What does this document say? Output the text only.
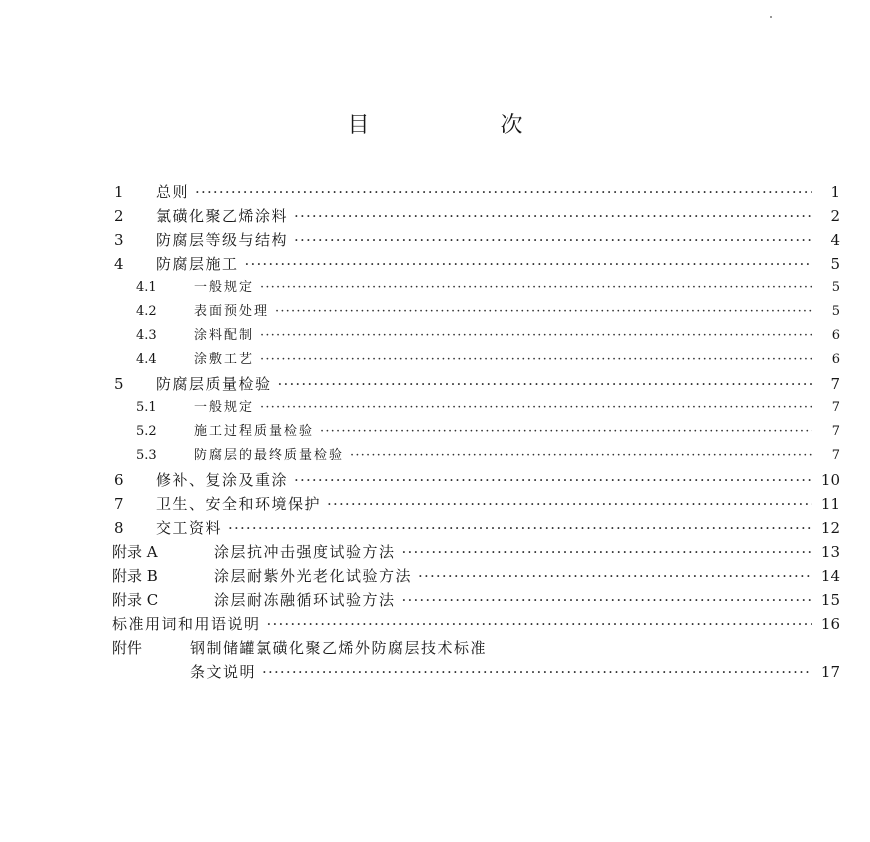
目 次
1	总则 ·····	1
2	氯磺化聚乙烯涂料 ·····	2
3	防腐层等级与结构 ·····	4
4	防腐层施工 ·····	5
4.1	一般规定 ·····	5
4.2	表面预处理 ·····	5
4.3	涂料配制 ·····	6
4.4	涂敷工艺 ·····	6
5	防腐层质量检验 ·····	7
5.1	一般规定 ·····	7
5.2	施工过程质量检验 ·····	7
5.3	防腐层的最终质量检验 ·····	7
6	修补、复涂及重涂 ·····	10
7	卫生、安全和环境保护 ·····	11
8	交工资料 ·····	12
附录 A	涂层抗冲击强度试验方法 ·····	13
附录 B	涂层耐紫外光老化试验方法 ·····	14
附录 C	涂层耐冻融循环试验方法 ·····	15
标准用词和用语说明 ·····	16
附件	钢制储罐氯磺化聚乙烯外防腐层技术标准
条文说明 ·····	17
